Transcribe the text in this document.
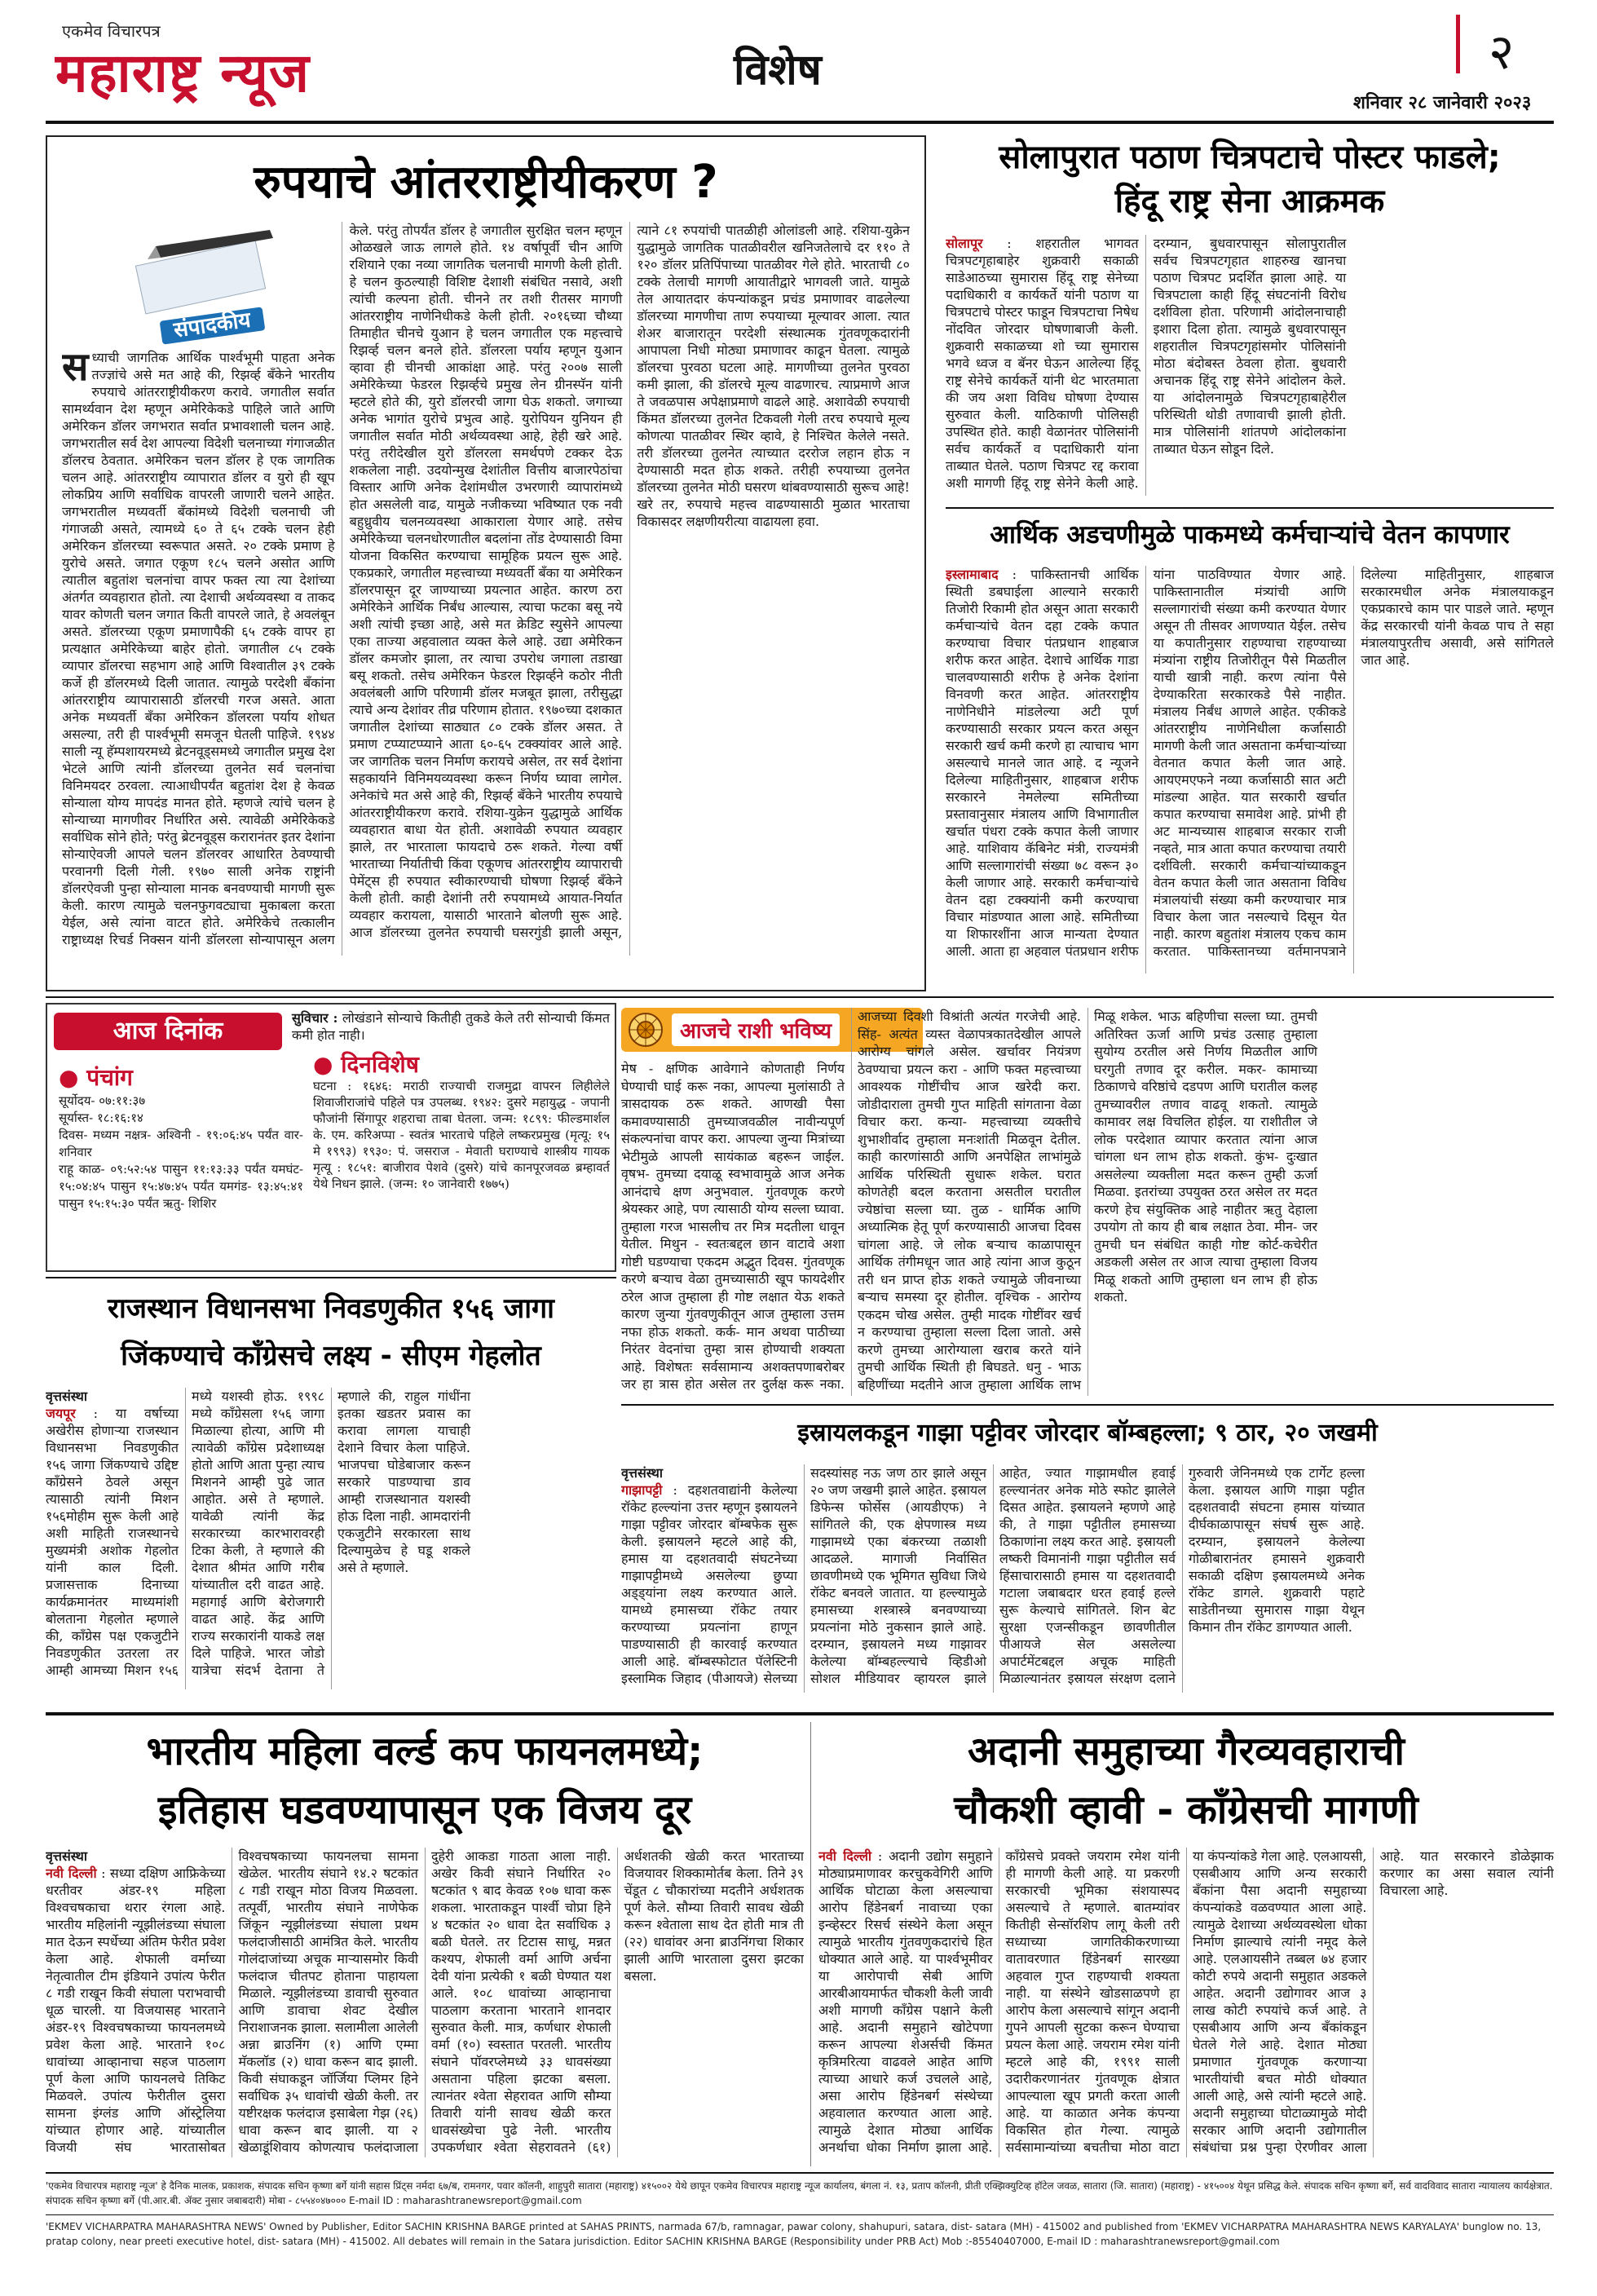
एकमेव विचारपत्र
महाराष्ट्र न्यूज	विशेष	२
शनिवार २८ जानेवारी २०२३
रुपयाचे आंतरराष्ट्रीयीकरण ?
संपादकीय
स ध्याची जागतिक आर्थिक पार्श्वभूमी पाहता अनेक तज्ज्ञांचे असे मत आहे की, रिझर्व्ह बँकेने भारतीय रुपयाचे आंतरराष्ट्रीयीकरण करावे. जगातील सर्वात सामर्थ्यवान देश म्हणून अमेरिकेकडे पाहिले जाते आणि अमेरिकन डॉलर जगभरात सर्वात प्रभावशाली चलन आहे. जगभरातील सर्व देश आपल्या विदेशी चलनाच्या गंगाजळीत डॉलरच ठेवतात. अमेरिकन चलन डॉलर हे एक जागतिक चलन आहे. आंतरराष्ट्रीय व्यापारात डॉलर व युरो ही खूप लोकप्रिय आणि सर्वाधिक वापरली जाणारी चलने आहेत. जगभरातील मध्यवर्ती बँकांमध्ये विदेशी चलनाची जी गंगाजळी असते, त्यामध्ये ६० ते ६५ टक्के चलन हेही अमेरिकन डॉलरच्या स्वरूपात असते. २० टक्के प्रमाण हे युरोचे असते. जगात एकूण १८५ चलने असोत आणि त्यातील बहुतांश चलनांचा वापर फक्त त्या त्या देशांच्या अंतर्गत व्यवहारात होतो. त्या देशाची अर्थव्यवस्था व ताकद यावर कोणती चलन जगात किती वापरले जाते, हे अवलंबून असते. डॉलरच्या एकूण प्रमाणापैकी ६५ टक्के वापर हा प्रत्यक्षात अमेरिकेच्या बाहेर होतो. जगातील ८५ टक्के व्यापार डॉलरचा सहभाग आहे आणि विश्वातील ३९ टक्के कर्जे ही डॉलरमध्ये दिली जातात. त्यामुळे परदेशी बँकांना आंतरराष्ट्रीय व्यापारासाठी डॉलरची गरज असते. आता अनेक मध्यवर्ती बँका अमेरिकन डॉलरला पर्याय शोधत असल्या, तरी ही पार्श्वभूमी समजून घेतली पाहिजे. १९४४ साली न्यू हॅम्पशायरमध्ये ब्रेटनवूड्समध्ये जगातील प्रमुख देश भेटले आणि त्यांनी डॉलरच्या तुलनेत सर्व चलनांचा विनिमयदर ठरवला. त्याआधीपर्यंत बहुतांश देश हे केवळ सोन्याला योग्य मापदंड मानत होते. म्हणजे त्यांचे चलन हे सोन्याच्या मागणीवर निर्धारित असे. त्यावेळी अमेरिकेकडे सर्वाधिक सोने होते; परंतु ब्रेटनवूड्स करारानंतर इतर देशांना सोन्याऐवजी आपले चलन डॉलरवर आधारित ठेवण्याची परवानगी दिली गेली. १९७० साली अनेक राष्ट्रांनी डॉलरऐवजी पुन्हा सोन्याला मानक बनवण्याची मागणी सुरू केली. कारण त्यामुळे चलनफुगवट्याचा मुकाबला करता येईल, असे त्यांना वाटत होते. अमेरिकेचे तत्कालीन राष्ट्राध्यक्ष रिचर्ड निक्सन यांनी डॉलरला सोन्यापासून अलग केले. परंतु तोपर्यंत डॉलर हे जगातील सुरक्षित चलन म्हणून ओळखले जाऊ लागले होते. १४ वर्षापूर्वी चीन आणि रशियाने एका नव्या जागतिक चलनाची मागणी केली होती. हे चलन कुठल्याही विशिष्ट देशाशी संबंधित नसावे, अशी त्यांची कल्पना होती. चीनने तर तशी रीतसर मागणी आंतरराष्ट्रीय नाणेनिधीकडे केली होती. २०१६च्या चौथ्या तिमाहीत चीनचे युआन हे चलन जगातील एक महत्त्वाचे रिझर्व्ह चलन बनले होते. डॉलरला पर्याय म्हणून युआन व्हावा ही चीनची आकांक्षा आहे. परंतु २००७ साली अमेरिकेच्या फेडरल रिझर्व्हचे प्रमुख लेन ग्रीनस्पॅन यांनी म्हटले होते की, युरो डॉलरची जागा घेऊ शकतो. जगाच्या अनेक भागांत युरोचे प्रभुत्व आहे. युरोपियन युनियन ही जगातील सर्वात मोठी अर्थव्यवस्था आहे, हेही खरे आहे. परंतु तरीदेखील युरो डॉलरला समर्थपणे टक्कर देऊ शकलेला नाही. उदयोन्मुख देशांतील वित्तीय बाजारपेठांचा विस्तार आणि अनेक देशांमधील उभरणारी व्यापारांमध्ये होत असलेली वाढ, यामुळे नजीकच्या भविष्यात एक नवी बहुध्रुवीय चलनव्यवस्था आकाराला येणार आहे. तसेच अमेरिकेच्या चलनधोरणातील बदलांना तोंड देण्यासाठी विमा योजना विकसित करण्याचा सामूहिक प्रयत्न सुरू आहे. एकप्रकारे, जगातील महत्त्वाच्या मध्यवर्ती बँका या अमेरिकन डॉलरपासून दूर जाण्याच्या प्रयत्नात आहेत. कारण ठरा अमेरिकेने आर्थिक निर्बंध आल्यास, त्याचा फटका बसू नये अशी त्यांची इच्छा आहे, असे मत क्रेडिट स्युसेने आपल्या एका ताज्या अहवालात व्यक्त केले आहे. उद्या अमेरिकन डॉलर कमजोर झाला, तर त्याचा उपरोध जगाला तडाखा बसू शकतो. तसेच अमेरिकन फेडरल रिझर्व्हने कठोर नीती अवलंबली आणि परिणामी डॉलर मजबूत झाला, तरीसुद्धा त्याचे अन्य देशांवर तीव्र परिणाम होतात. १९७०च्या दशकात जगातील देशांच्या साठ्यात ८० टक्के डॉलर असत. ते प्रमाण टप्प्याटप्प्याने आता ६०-६५ टक्क्यांवर आले आहे. जर जागतिक चलन निर्माण करायचे असेल, तर सर्व देशांना सहकार्याने विनिमयव्यवस्था करून निर्णय घ्यावा लागेल. अनेकांचे मत असे आहे की, रिझर्व्ह बँकेने भारतीय रुपयाचे आंतरराष्ट्रीयीकरण करावे. रशिया-युक्रेन युद्धामुळे आर्थिक व्यवहारात बाधा येत होती. अशावेळी रुपयात व्यवहार झाले, तर भारताला फायदाचे ठरू शकते. गेल्या वर्षी भारताच्या निर्यातीची किंवा एकूणच आंतरराष्ट्रीय व्यापाराची पेमेंट्स ही रुपयात स्वीकारण्याची घोषणा रिझर्व्ह बँकेने केली होती. काही देशांनी तरी रुपयामध्ये आयात-निर्यात व्यवहार करायला, यासाठी भारताने बोलणी सुरू आहे. आज डॉलरच्या तुलनेत रुपयाची घसरगुंडी झाली असून, त्याने ८१ रुपयांची पातळीही ओलांडली आहे. रशिया-युक्रेन युद्धामुळे जागतिक पातळीवरील खनिजतेलाचे दर ११० ते १२० डॉलर प्रतिपिंपाच्या पातळीवर गेले होते. भारताची ८० टक्के तेलाची मागणी आयातीद्वारे भागवली जाते. यामुळे तेल आयातदार कंपन्यांकडून प्रचंड प्रमाणावर वाढलेल्या डॉलरच्या मागणीचा ताण रुपयाच्या मूल्यावर आला. त्यात शेअर बाजारातून परदेशी संस्थात्मक गुंतवणूकदारांनी आपापला निधी मोठ्या प्रमाणावर काढून घेतला. त्यामुळे डॉलरचा पुरवठा घटला आहे. मागणीच्या तुलनेत पुरवठा कमी झाला, की डॉलरचे मूल्य वाढणारच. त्याप्रमाणे आज ते जवळपास अपेक्षाप्रमाणे वाढले आहे. अशावेळी रुपयाची किंमत डॉलरच्या तुलनेत टिकवली गेली तरच रुपयाचे मूल्य कोणत्या पातळीवर स्थिर व्हावे, हे निश्चित केलेले नसते. तरी डॉलरच्या तुलनेत त्याच्यात दररोज लहान होऊ न देण्यासाठी मदत होऊ शकते. तरीही रुपयाच्या तुलनेत डॉलरच्या तुलनेत मोठी घसरण थांबवण्यासाठी सुरूच आहे! खरे तर, रुपयाचे महत्त्व वाढण्यासाठी मुळात भारताचा विकासदर लक्षणीयरीत्या वाढायला हवा.
सोलापुरात पठाण चित्रपटाचे पोस्टर फाडले;
हिंदू राष्ट्र सेना आक्रमक
सोलापूर : शहरातील भागवत चित्रपटगृहाबाहेर शुक्रवारी सकाळी साडेआठच्या सुमारास हिंदू राष्ट्र सेनेच्या पदाधिकारी व कार्यकर्ते यांनी पठाण या चित्रपटाचे पोस्टर फाडून चित्रपटाचा निषेध नोंदवित जोरदार घोषणाबाजी केली. शुक्रवारी सकाळच्या शो च्या सुमारास भगवे ध्वज व बॅनर घेऊन आलेल्या हिंदू राष्ट्र सेनेचे कार्यकर्ते यांनी थेट भारतमाता की जय अशा विविध घोषणा देण्यास सुरुवात केली. याठिकाणी पोलिसही उपस्थित होते. काही वेळानंतर पोलिसांनी सर्वच कार्यकर्ते व पदाधिकारी यांना ताब्यात घेतले. पठाण चित्रपट रद्द करावा अशी मागणी हिंदू राष्ट्र सेनेने केली आहे. दरम्यान, बुधवारपासून सोलापुरातील सर्वच चित्रपटगृहात शाहरुख खानचा पठाण चित्रपट प्रदर्शित झाला आहे. या चित्रपटाला काही हिंदू संघटनांनी विरोध दर्शविला होता. परिणामी आंदोलनाचाही इशारा दिला होता. त्यामुळे बुधवारपासून शहरातील चित्रपटगृहांसमोर पोलिसांनी मोठा बंदोबस्त ठेवला होता. बुधवारी अचानक हिंदू राष्ट्र सेनेने आंदोलन केले. या आंदोलनामुळे चित्रपटगृहाबाहेरील परिस्थिती थोडी तणावाची झाली होती. मात्र पोलिसांनी शांतपणे आंदोलकांना ताब्यात घेऊन सोडून दिले.
आर्थिक अडचणीमुळे पाकमध्ये कर्मचाऱ्यांचे वेतन कापणार
इस्लामाबाद : पाकिस्तानची आर्थिक स्थिती डबघाईला आल्याने सरकारी तिजोरी रिकामी होत असून आता सरकारी कर्मचाऱ्यांचे वेतन दहा टक्के कपात करण्याचा विचार पंतप्रधान शाहबाज शरीफ करत आहेत. देशाचे आर्थिक गाडा चालवण्यासाठी शरीफ हे अनेक देशांना विनवणी करत आहेत. आंतरराष्ट्रीय नाणेनिधीने मांडलेल्या अटी पूर्ण करण्यासाठी सरकार प्रयत्न करत असून सरकारी खर्च कमी करणे हा त्याचाच भाग असल्याचे मानले जात आहे. द न्यूजने दिलेल्या माहितीनुसार, शाहबाज शरीफ सरकारने नेमलेल्या समितीच्या प्रस्तावानुसार मंत्रालय आणि विभागातील खर्चात पंधरा टक्के कपात केली जाणार आहे. याशिवाय कॅबिनेट मंत्री, राज्यमंत्री आणि सल्लागारांची संख्या ७८ वरून ३० केली जाणार आहे. सरकारी कर्मचाऱ्यांचे वेतन दहा टक्क्यांनी कमी करण्याचा विचार मांडण्यात आला आहे. समितीच्या या शिफारशींना आज मान्यता देण्यात आली. आता हा अहवाल पंतप्रधान शरीफ यांना पाठविण्यात येणार आहे. पाकिस्तानातील मंत्र्यांची आणि सल्लागारांची संख्या कमी करण्यात येणार असून ती तीसवर आणण्यात येईल. तसेच या कपातीनुसार राहण्याचा राहण्याच्या मंत्र्यांना राष्ट्रीय तिजोरीतून पैसे मिळतील याची खात्री नाही. करण त्यांना पैसे देण्याकरिता सरकारकडे पैसे नाहीत. मंत्रालय निर्बंध आणले आहेत. एकीकडे आंतरराष्ट्रीय नाणेनिधीला कर्जासाठी मागणी केली जात असताना कर्मचाऱ्यांच्या वेतनात कपात केली जात आहे. आयएमएफने नव्या कर्जासाठी सात अटी मांडल्या आहेत. यात सरकारी खर्चात कपात करण्याचा समावेश आहे. प्रांभी ही अट मान्यच्यास शाहबाज सरकार राजी नव्हते, मात्र आता कपात करण्याचा तयारी दर्शविली. सरकारी कर्मचाऱ्यांच्याकडून वेतन कपात केली जात असताना विविध मंत्रालयांची संख्या कमी करण्याचार मात्र विचार केला जात नसल्याचे दिसून येत नाही. कारण बहुतांश मंत्रालय एकच काम करतात. पाकिस्तानच्या वर्तमानपत्राने दिलेल्या माहितीनुसार, शाहबाज सरकारमधील अनेक मंत्रालयाकडून एकप्रकारचे काम पार पाडले जाते. म्हणून केंद्र सरकारची यांनी केवळ पाच ते सहा मंत्रालयापुरतीच असावी, असे सांगितले जात आहे.
आज दिनांक
● पंचांग
सूर्योदय- ०७:११:३७
सूर्यास्त- १८:१६:१४
दिवस- मध्यम नक्षत्र- अश्विनी - १९:०६:४५ पर्यंत वार- शनिवार
राहू काळ- ०९:५२:५४ पासुन ११:१३:३३ पर्यंत यमघंट- १५:०४:४५ पासुन १५:४७:४५ पर्यंत यमगंड- १३:४५:४१ पासुन १५:१५:३० पर्यंत ऋतु- शिशिर
सुविचार : लोखंडाने सोन्याचे कितीही तुकडे केले तरी सोन्याची किंमत कमी होत नाही।
● दिनविशेष
घटना : १६४६: मराठी राज्याची राजमुद्रा वापरन लिहीलेले शिवाजीराजांचे पहिले पत्र उपलब्ध. १९४२: दुसरे महायुद्ध - जपानी फौजांनी सिंगापूर शहराचा ताबा घेतला. जन्म: १८९९: फील्डमार्शल के. एम. करिअप्पा - स्वतंत्र भारताचे पहिले लष्करप्रमुख (मृत्यू: १५ मे १९९३) १९३०: पं. जसराज - मेवाती घराण्याचे शास्त्रीय गायक मृत्यू : १८५१: बाजीराव पेशवे (दुसरे) यांचे कानपूरजवळ ब्रम्हावर्त येथे निधन झाले. (जन्म: १० जानेवारी १७७५)
आजचे राशी भविष्य
मेष - क्षणिक आवेगाने कोणताही निर्णय घेण्याची घाई करू नका, आपल्या मुलांसाठी ते त्रासदायक ठरू शकते. आणखी पैसा कमावण्यासाठी तुमच्याजवळील नावीन्यपूर्ण संकल्पनांचा वापर करा. आपल्या जुन्या मित्रांच्या भेटीमुळे आपली सायंकाळ बहरून जाईल. वृषभ- तुमच्या दयाळू स्वभावामुळे आज अनेक आनंदाचे क्षण अनुभवाल. गुंतवणूक करणे श्रेयस्कर आहे, पण त्यासाठी योग्य सल्ला घ्यावा. तुम्हाला गरज भासलीच तर मित्र मदतीला धावून येतील. मिथुन - स्वतःबद्दल छान वाटावे अशा गोष्टी घडण्याचा एकदम अद्भुत दिवस. गुंतवणूक करणे बऱ्याच वेळा तुमच्यासाठी खूप फायदेशीर ठरेल आज तुम्हाला ही गोष्ट लक्षात येऊ शकते कारण जुन्या गुंतवणुकीतून आज तुम्हाला उत्तम नफा होऊ शकतो. कर्क- मान अथवा पाठीच्या निरंतर वेदनांचा तुम्हा त्रास होण्याची शक्यता आहे. विशेषतः सर्वसामान्य अशक्तपणाबरोबर जर हा त्रास होत असेल तर दुर्लक्ष करू नका. आजच्या दिवशी विश्रांती अत्यंत गरजेची आहे. सिंह- अत्यंत व्यस्त वेळापत्रकातदेखील आपले आरोग्य चांगले असेल. खर्चावर नियंत्रण ठेवण्याचा प्रयत्न करा - आणि फक्त महत्त्वाच्या आवश्यक गोष्टींचीच आज खरेदी करा. जोडीदाराला तुमची गुप्त माहिती सांगताना वेळा विचार करा. कन्या- महत्त्वाच्या व्यक्तीचे शुभाशीर्वाद तुम्हाला मनःशांती मिळवून देतील. काही कारणांसाठी आणि अनपेक्षित लाभांमुळे आर्थिक परिस्थिती सुधारू शकेल. घरात कोणतेही बदल करताना असतील घरातील ज्येष्ठांचा सल्ला घ्या. तुळ - धार्मिक आणि अध्यात्मिक हेतू पूर्ण करण्यासाठी आजचा दिवस चांगला आहे. जे लोक बऱ्याच काळापासून आर्थिक तंगीमधून जात आहे त्यांना आज कुठून तरी धन प्राप्त होऊ शकते ज्यामुळे जीवनाच्या बऱ्याच समस्या दूर होतील. वृश्चिक - आरोग्य एकदम चोख असेल. तुम्ही मादक गोष्टींवर खर्च न करण्याचा तुम्हाला सल्ला दिला जातो. असे करणे तुमच्या आरोग्याला खराब करते यांने तुमची आर्थिक स्थिती ही बिघडते. धनु - भाऊ बहिणींच्या मदतीने आज तुम्हाला आर्थिक लाभ मिळू शकेल. भाऊ बहिणीचा सल्ला घ्या. तुमची अतिरिक्त ऊर्जा आणि प्रचंड उत्साह तुम्हाला सुयोग्य ठरतील असे निर्णय मिळतील आणि घरगुती तणाव दूर करील. मकर- कामाच्या ठिकाणचे वरिष्ठांचे दडपण आणि घरातील कलह तुमच्यावरील तणाव वाढवू शकतो. त्यामुळे कामावर लक्ष विचलित होईल. या राशीतील जे लोक परदेशात व्यापार करतात त्यांना आज चांगला धन लाभ होऊ शकतो. कुंभ- दुःखात असलेल्या व्यक्तीला मदत करून तुम्ही ऊर्जा मिळवा. इतरांच्या उपयुक्त ठरत असेल तर मदत करणे हेच संयुक्तिक आहे नाहीतर ऋतु देहाला उपयोग तो काय ही बाब लक्षात ठेवा. मीन- जर तुमची घन संबंधित काही गोष्ट कोर्ट-कचेरीत अडकली असेल तर आज त्याचा तुम्हाला विजय मिळू शकतो आणि तुम्हाला धन लाभ ही होऊ शकतो.
राजस्थान विधानसभा निवडणुकीत १५६ जागा
जिंकण्याचे काँग्रेसचे लक्ष्य - सीएम गेहलोत
वृत्तसंस्था
जयपूर : या वर्षाच्या अखेरीस होणाऱ्या राजस्थान विधानसभा निवडणुकीत १५६ जागा जिंकण्याचे उद्दिष्ट काँग्रेसने ठेवले असून त्यासाठी त्यांनी मिशन १५६मोहीम सुरू केली आहे अशी माहिती राजस्थानचे मुख्यमंत्री अशोक गेहलोत यांनी काल दिली. प्रजासत्ताक दिनाच्या कार्यक्रमानंतर माध्यमांशी बोलताना गेहलोत म्हणाले की, काँग्रेस पक्ष एकजुटीने निवडणुकीत उतरला तर आम्ही आमच्या मिशन १५६ मध्ये यशस्वी होऊ. १९९८ मध्ये काँग्रेसला १५६ जागा मिळाल्या होत्या, आणि मी त्यावेळी काँग्रेस प्रदेशाध्यक्ष होतो आणि आता पुन्हा त्याच मिशनने आम्ही पुढे जात आहोत. असे ते म्हणाले. यावेळी त्यांनी केंद्र सरकारच्या कारभारावरही टिका केली, ते म्हणाले की देशात श्रीमंत आणि गरीब यांच्यातील दरी वाढत आहे. महागाई आणि बेरोजगारी वाढत आहे. केंद्र आणि राज्य सरकारांनी याकडे लक्ष दिले पाहिजे. भारत जोडो यात्रेचा संदर्भ देताना ते म्हणाले की, राहुल गांधींना इतका खडतर प्रवास का करावा लागला याचाही देशाने विचार केला पाहिजे. भाजपचा घोडेबाजार करून सरकारे पाडण्याचा डाव आम्ही राजस्थानात यशस्वी होऊ दिला नाही. आमदारांनी एकजुटीने सरकारला साथ दिल्यामुळेच हे घडू शकले असे ते म्हणाले.
इस्रायलकडून गाझा पट्टीवर जोरदार बॉम्बहल्ला; ९ ठार, २० जखमी
वृत्तसंस्था
गाझापट्टी : दहशतवाद्यांनी केलेल्या रॉकेट हल्ल्यांना उत्तर म्हणून इस्रायलने गाझा पट्टीवर जोरदार बॉम्बफेक सुरू केली. इस्रायलने म्हटले आहे की, हमास या दहशतवादी संघटनेच्या गाझापट्टीमध्ये असलेल्या छुप्या अड्ड्यांना लक्ष्य करण्यात आले. यामध्ये हमासच्या रॉकेट तयार करण्याच्या प्रयत्नांना हाणून पाडण्यासाठी ही कारवाई करण्यात आली आहे. बॉम्बस्फोटात पॅलेस्टिनी इस्लामिक जिहाद (पीआयजे) सेलच्या सदस्यांसह नऊ जण ठार झाले असून २० जण जखमी झाले आहेत. इस्रायल डिफेन्स फोर्सेस (आयडीएफ) ने सांगितले की, एक क्षेपणास्त्र मध्य गाझामध्ये एका बंकरच्या तळाशी आदळले. मागाजी निर्वासित छावणीमध्ये एक भूमिगत सुविधा जिथे रॉकेट बनवले जातात. या हल्ल्यामुळे हमासच्या शस्त्रास्त्रे बनवण्याच्या प्रयत्नांना मोठे नुकसान झाले आहे. दरम्यान, इस्रायलने मध्य गाझावर केलेल्या बॉम्बहल्ल्याचे व्हिडीओ सोशल मीडियावर व्हायरल झाले आहेत, ज्यात गाझामधील हवाई हल्ल्यानंतर अनेक मोठे स्फोट झालेले दिसत आहेत. इस्रायलने म्हणणे आहे की, ते गाझा पट्टीतील हमासच्या ठिकाणांना लक्ष्य करत आहे. इस्रायली लष्करी विमानांनी गाझा पट्टीतील सर्व हिंसाचारासाठी हमास या दहशतवादी गटाला जबाबदार धरत हवाई हल्ले सुरू केल्याचे सांगितले. शिन बेट सुरक्षा एजन्सीकडून छावणीतील पीआयजे सेल असलेल्या अपार्टमेंटबद्दल अचूक माहिती मिळाल्यानंतर इस्रायल संरक्षण दलाने गुरुवारी जेनिनमध्ये एक टार्गेट हल्ला केला. इस्रायल आणि गाझा पट्टीत दहशतवादी संघटना हमास यांच्यात दीर्घकाळापासून संघर्ष सुरू आहे. दरम्यान, इस्रायलने केलेल्या गोळीबारानंतर हमासने शुक्रवारी सकाळी दक्षिण इस्रायलमध्ये अनेक रॉकेट डागले. शुक्रवारी पहाटे साडेतीनच्या सुमारास गाझा येथून किमान तीन रॉकेट डागण्यात आली.
भारतीय महिला वर्ल्ड कप फायनलमध्ये;
इतिहास घडवण्यापासून एक विजय दूर
वृत्तसंस्था
नवी दिल्ली : सध्या दक्षिण आफ्रिकेच्या धरतीवर अंडर-१९ महिला विश्वचषकाचा थरार रंगला आहे. भारतीय महिलांनी न्यूझीलंडच्या संघाला मात देऊन स्पर्धेच्या अंतिम फेरीत प्रवेश केला आहे. शेफाली वर्माच्या नेतृत्वातील टीम इंडियाने उपांत्य फेरीत ८ गडी राखून किवी संघाला पराभवाची धूळ चारली. या विजयासह भारताने अंडर-१९ विश्वचषकाच्या फायनलमध्ये प्रवेश केला आहे. भारताने १०८ धावांच्या आव्हानाचा सहज पाठलाग पूर्ण केला आणि फायनलचे तिकिट मिळवले. उपांत्य फेरीतील दुसरा सामना इंग्लंड आणि ऑस्ट्रेलिया यांच्यात होणार आहे. यांच्यातील विजयी संघ भारतासोबत विश्वचषकाच्या फायनलचा सामना खेळेल. भारतीय संघाने १४.२ षटकांत ८ गडी राखून मोठा विजय मिळवला. तत्पूर्वी, भारतीय संघाने नाणेफेक जिंकून न्यूझीलंडच्या संघाला प्रथम फलंदाजीसाठी आमंत्रित केले. भारतीय गोलंदाजांच्या अचूक माऱ्यासमोर किवी फलंदाज चीतपट होताना पाहायला मिळाले. न्यूझीलंडच्या डावाची सुरुवात आणि डावाचा शेवट देखील निराशाजनक झाला. सलामीला आलेली अन्ना ब्राउनिंग (१) आणि एम्मा मॅकलॉड (२) धावा करून बाद झाली. किवी संघाकडून जॉर्जिया प्लिमर हिने सर्वाधिक ३५ धावांची खेळी केली. तर यष्टीरक्षक फलंदाज इसाबेला गेझ (२६) धावा करून बाद झाली. या २ खेळाडूंशिवाय कोणत्याच फलंदाजाला दुहेरी आकडा गाठता आला नाही. अखेर किवी संघाने निर्धारित २० षटकांत ९ बाद केवळ १०७ धावा करू शकला. भारताकडून पार्श्वी चोप्रा हिने ४ षटकांत २० धावा देत सर्वाधिक ३ बळी घेतले. तर टिटास साधू, मन्नत कश्यप, शेफाली वर्मा आणि अर्चना देवी यांना प्रत्येकी १ बळी घेण्यात यश आले. १०८ धावांच्या आव्हानाचा पाठलाग करताना भारताने शानदार सुरुवात केली. मात्र, कर्णधार शेफाली वर्मा (१०) स्वस्तात परतली. भारतीय संघाने पॉवरप्लेमध्ये ३३ धावसंख्या असताना पहिला झटका बसला. त्यानंतर श्वेता सेहरावत आणि सौम्या तिवारी यांनी सावध खेळी करत धावसंख्येचा पुढे नेली. भारतीय उपकर्णधार श्वेता सेहरावतने (६१) अर्धशतकी खेळी करत भारताच्या विजयावर शिक्कामोर्तब केला. तिने ३९ चेंडूत ८ चौकारांच्या मदतीने अर्धशतक पूर्ण केले. सौम्या तिवारी सावध खेळी करून श्वेताला साथ देत होती मात्र ती (२२) धावांवर अना ब्राउनिंगचा शिकार झाली आणि भारताला दुसरा झटका बसला.
अदानी समुहाच्या गैरव्यवहाराची
चौकशी व्हावी - काँग्रेसची मागणी
नवी दिल्ली : अदानी उद्योग समुहाने मोठ्याप्रमाणावर करचुकवेगिरी आणि आर्थिक घोटाळा केला असल्याचा आरोप हिंडेनबर्ग नावाच्या एका इन्व्हेस्टर रिसर्च संस्थेने केला असून त्यामुळे भारतीय गुंतवणुकदारांचे हित धोक्यात आले आहे. या पार्श्वभूमीवर या आरोपाची सेबी आणि आरबीआयमार्फत चौकशी केली जावी अशी मागणी काँग्रेस पक्षाने केली आहे. अदानी समुहाने खोटेपणा करून आपल्या शेअर्सची किंमत कृत्रिमरित्या वाढवले आहेत आणि त्याच्या आधारे कर्ज उचलले आहे, असा आरोप हिंडेनबर्ग संस्थेच्या अहवालात करण्यात आला आहे. त्यामुळे देशात मोठ्या आर्थिक अनर्थाचा धोका निर्माण झाला आहे. काँग्रेसचे प्रवक्ते जयराम रमेश यांनी ही मागणी केली आहे. या प्रकरणी सरकारची भूमिका संशयास्पद असल्याचे ते म्हणाले. बातम्यांवर कितीही सेन्सॉरशिप लागू केली तरी सध्याच्या जागतिकीकरणाच्या वातावरणात हिंडेनबर्ग सारख्या अहवाल गुप्त राहण्याची शक्यता नाही. या संस्थेने खोडसाळपणे हा आरोप केला असल्याचे सांगून अदानी गुपने आपली सुटका करून घेण्याचा प्रयत्न केला आहे. जयराम रमेश यांनी म्हटले आहे की, १९९१ साली उदारीकरणानंतर गुंतवणूक क्षेत्रात आपल्याला खूप प्रगती करता आली आहे. या काळात अनेक कंपन्या विकसित होत गेल्या. त्यामुळे सर्वसामान्यांच्या बचतीचा मोठा वाटा या कंपन्यांकडे गेला आहे. एलआयसी, एसबीआय आणि अन्य सरकारी बँकांना पैसा अदानी समुहाच्या कंपन्यांकडे वळवण्यात आला आहे. त्यामुळे देशाच्या अर्थव्यवस्थेला धोका निर्माण झाल्याचे त्यांनी नमूद केले आहे. एलआयसीने तब्बल ७४ हजार कोटी रुपये अदानी समुहात अडकले आहेत. अदानी उद्योगावर आज ३ लाख कोटी रुपयांचे कर्ज आहे. ते एसबीआय आणि अन्य बँकांकडून घेतले गेले आहे. देशात मोठ्या प्रमाणात गुंतवणूक करणाऱ्या भारतीयांची बचत मोठी धोक्यात आली आहे, असे त्यांनी म्हटले आहे. अदानी समुहाच्या घोटाळ्यामुळे मोदी सरकार आणि अदानी उद्योगातील संबंधांचा प्रश्न पुन्हा ऐरणीवर आला आहे. यात सरकारने डोळेझाक करणार का असा सवाल त्यांनी विचारला आहे.
'एकमेव विचारपत्र महाराष्ट्र न्यूज' हे दैनिक मालक, प्रकाशक, संपादक सचिन कृष्णा बर्गे यांनी सहास प्रिंट्स नर्मदा ६७/ब, रामनगर, पवार कॉलनी, शाहुपुरी सातारा (महाराष्ट्र) ४१५००२ येथे छापून एकमेव विचारपत्र महाराष्ट्र न्यूज कार्यालय, बंगला नं. १३, प्रताप कॉलनी, प्रीती एक्झिक्युटिव्ह हॉटेल जवळ, सातारा (जि. सातारा) (महाराष्ट्र) - ४१५००४ येथून प्रसिद्ध केले. संपादक सचिन कृष्णा बर्गे, सर्व वादविवाद सातारा न्यायालय कार्यक्षेत्रात. संपादक सचिन कृष्णा बर्गे (पी.आर.बी. ॲक्ट नुसार जबाबदारी) मोबा - ८५५४०४७००० E-mail ID : maharashtranewsreport@gmail.com
'EKMEV VICHARPATRA MAHARASHTRA NEWS' Owned by Publisher, Editor SACHIN KRISHNA BARGE printed at SAHAS PRINTS, narmada 67/b, ramnagar, pawar colony, shahupuri, satara, dist- satara (MH) - 415002 and published from 'EKMEV VICHARPATRA MAHARASHTRA NEWS KARYALAYA' bunglow no. 13, pratap colony, near preeti executive hotel, dist- satara (MH) - 415002. All debates will remain in the Satara jurisdiction. Editor SACHIN KRISHNA BARGE (Responsibility under PRB Act) Mob :-85540407000, E-mail ID : maharashtranewsreport@gmail.com
